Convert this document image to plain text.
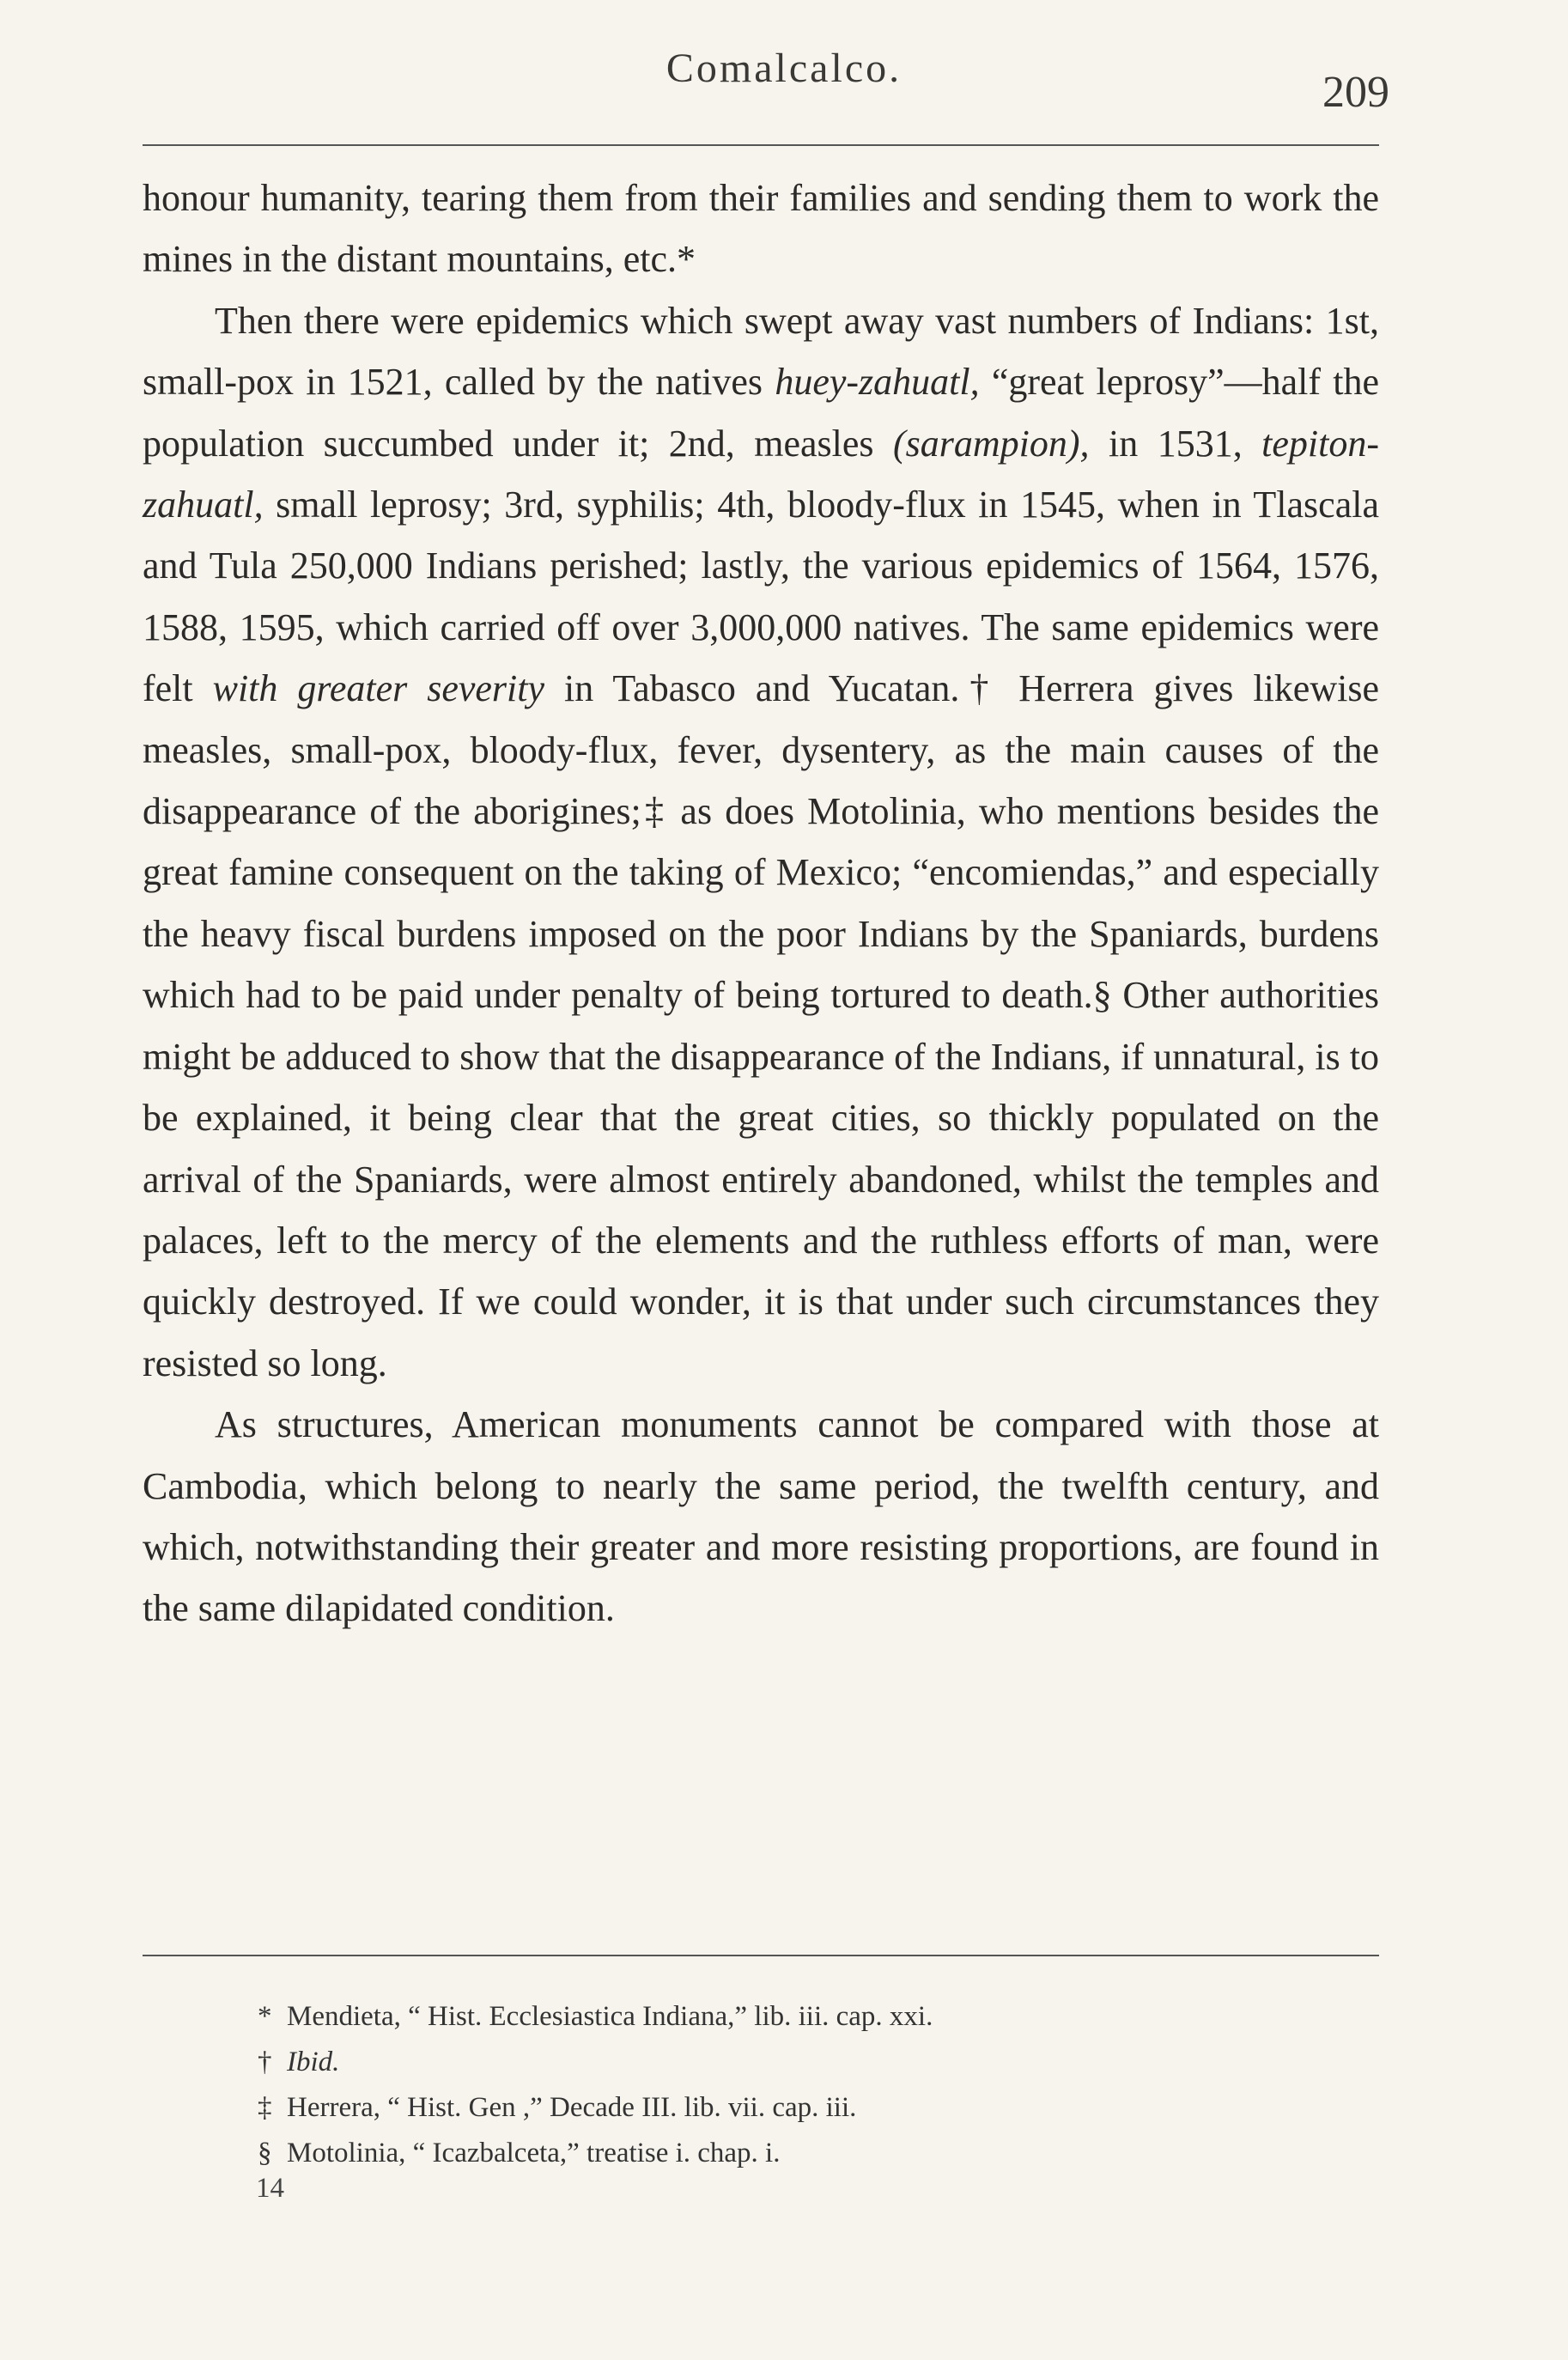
Comalcalco.	209

honour humanity, tearing them from their families and sending them to work the mines in the distant mountains, etc.*

Then there were epidemics which swept away vast numbers of Indians: 1st, small-pox in 1521, called by the natives huey-zahuatl, “great leprosy”—half the population succumbed under it; 2nd, measles (sarampion), in 1531, tepiton-zahuatl, small leprosy; 3rd, syphilis; 4th, bloody-flux in 1545, when in Tlascala and Tula 250,000 Indians perished; lastly, the various epidemics of 1564, 1576, 1588, 1595, which carried off over 3,000,000 natives. The same epidemics were felt with greater severity in Tabasco and Yucatan.† Herrera gives likewise measles, small-pox, bloody-flux, fever, dysentery, as the main causes of the disappearance of the aborigines;‡ as does Motolinia, who mentions besides the great famine consequent on the taking of Mexico; “encomiendas,” and especially the heavy fiscal burdens imposed on the poor Indians by the Spaniards, burdens which had to be paid under penalty of being tortured to death.§ Other authorities might be adduced to show that the disappearance of the Indians, if unnatural, is to be explained, it being clear that the great cities, so thickly populated on the arrival of the Spaniards, were almost entirely abandoned, whilst the temples and palaces, left to the mercy of the elements and the ruthless efforts of man, were quickly destroyed. If we could wonder, it is that under such circumstances they resisted so long.

As structures, American monuments cannot be compared with those at Cambodia, which belong to nearly the same period, the twelfth century, and which, notwithstanding their greater and more resisting proportions, are found in the same dilapidated condition.

* Mendieta, “ Hist. Ecclesiastica Indiana,” lib. iii. cap. xxi.
† Ibid.
‡ Herrera, “ Hist. Gen ,” Decade III. lib. vii. cap. iii.
§ Motolinia, “ Icazbalceta,” treatise i. chap. i.
14
